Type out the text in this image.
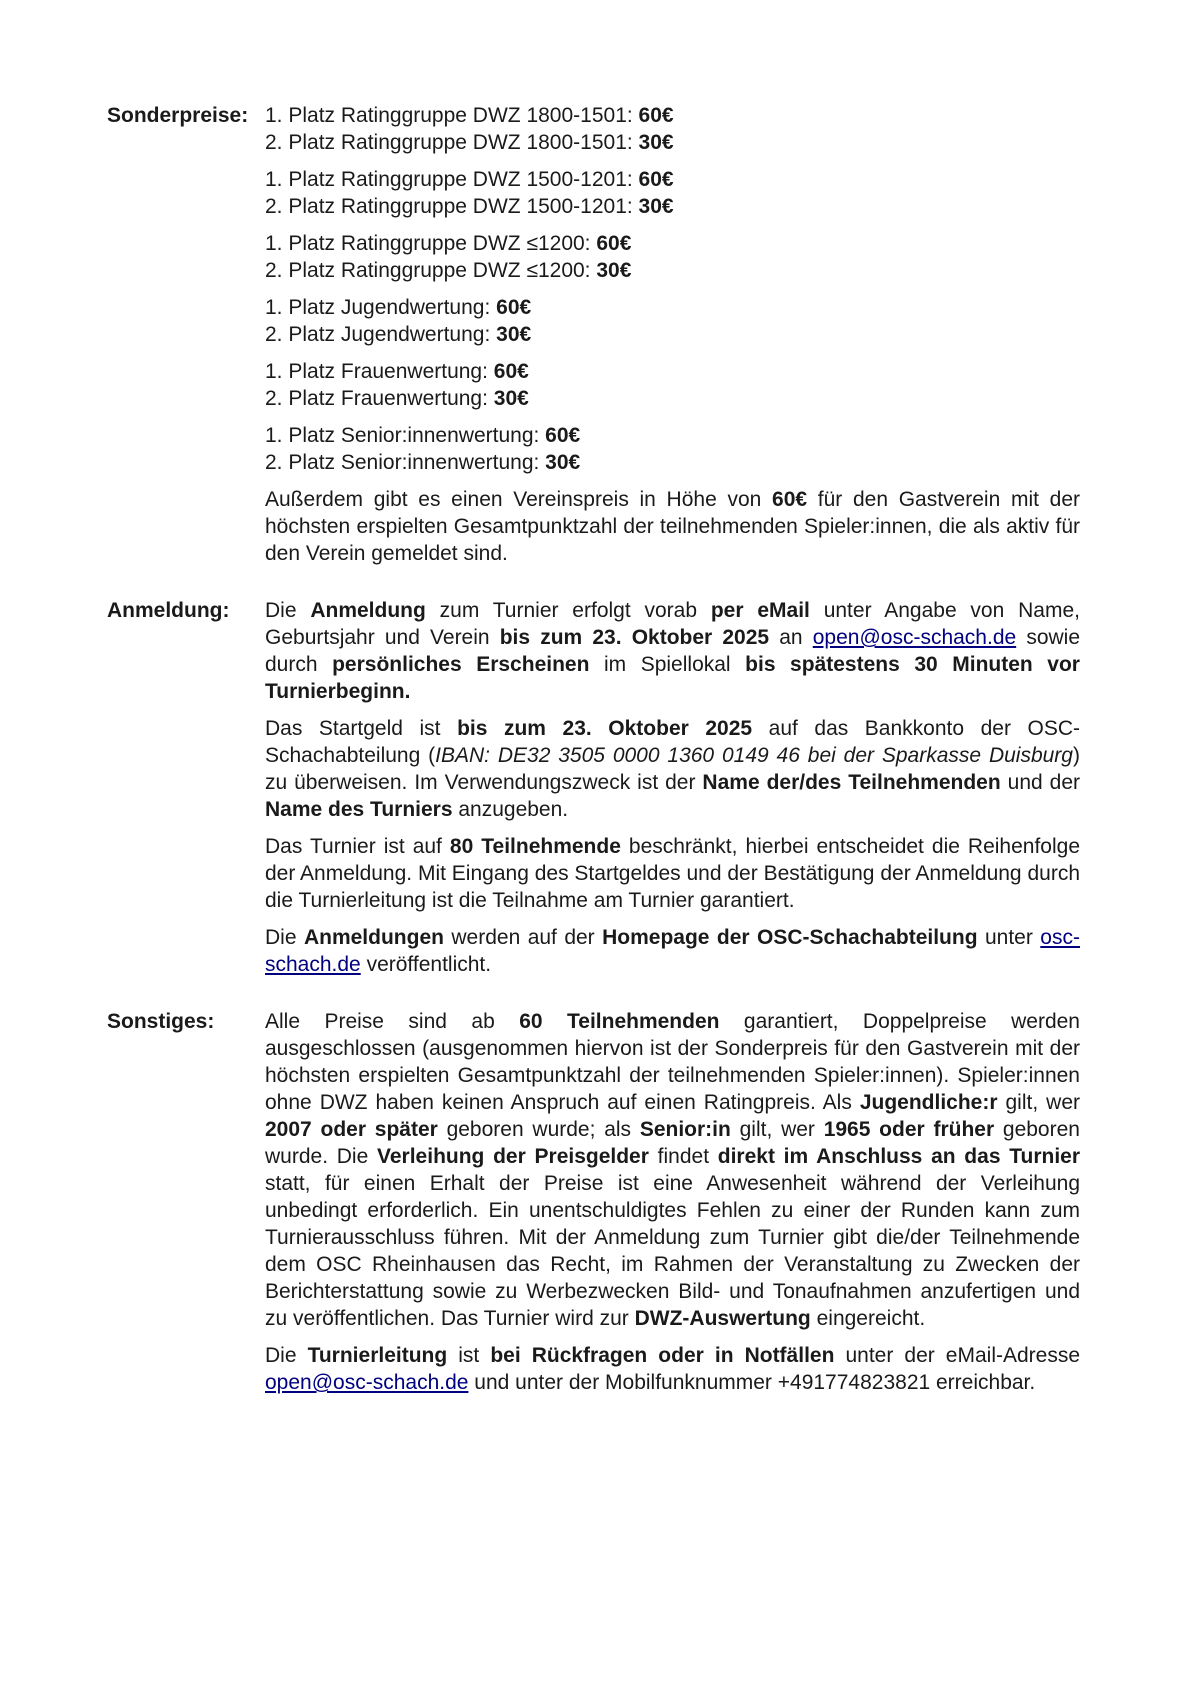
Sonderpreise: 1. Platz Ratinggruppe DWZ 1800-1501: 60€
2. Platz Ratinggruppe DWZ 1800-1501: 30€

1. Platz Ratinggruppe DWZ 1500-1201: 60€
2. Platz Ratinggruppe DWZ 1500-1201: 30€

1. Platz Ratinggruppe DWZ ≤1200: 60€
2. Platz Ratinggruppe DWZ ≤1200: 30€

1. Platz Jugendwertung: 60€
2. Platz Jugendwertung: 30€

1. Platz Frauenwertung: 60€
2. Platz Frauenwertung: 30€

1. Platz Senior:innenwertung: 60€
2. Platz Senior:innenwertung: 30€

Außerdem gibt es einen Vereinspreis in Höhe von 60€ für den Gastverein mit der höchsten erspielten Gesamtpunktzahl der teilnehmenden Spieler:innen, die als aktiv für den Verein gemeldet sind.

Anmeldung:	Die Anmeldung zum Turnier erfolgt vorab per eMail unter Angabe von Name, Geburtsjahr und Verein bis zum 23. Oktober 2025 an open@osc-schach.de sowie durch persönliches Erscheinen im Spiellokal bis spätestens 30 Minuten vor Turnierbeginn.

Das Startgeld ist bis zum 23. Oktober 2025 auf das Bankkonto der OSC-Schachabteilung (IBAN: DE32 3505 0000 1360 0149 46 bei der Sparkasse Duisburg) zu überweisen. Im Verwendungszweck ist der Name der/des Teilnehmenden und der Name des Turniers anzugeben.

Das Turnier ist auf 80 Teilnehmende beschränkt, hierbei entscheidet die Reihenfolge der Anmeldung. Mit Eingang des Startgeldes und der Bestätigung der Anmeldung durch die Turnierleitung ist die Teilnahme am Turnier garantiert.

Die Anmeldungen werden auf der Homepage der OSC-Schachabteilung unter osc-schach.de veröffentlicht.

Sonstiges:	Alle Preise sind ab 60 Teilnehmenden garantiert, Doppelpreise werden ausgeschlossen (ausgenommen hiervon ist der Sonderpreis für den Gastverein mit der höchsten erspielten Gesamtpunktzahl der teilnehmenden Spieler:innen). Spieler:innen ohne DWZ haben keinen Anspruch auf einen Ratingpreis. Als Jugendliche:r gilt, wer 2007 oder später geboren wurde; als Senior:in gilt, wer 1965 oder früher geboren wurde. Die Verleihung der Preisgelder findet direkt im Anschluss an das Turnier statt, für einen Erhalt der Preise ist eine Anwesenheit während der Verleihung unbedingt erforderlich. Ein unentschuldigtes Fehlen zu einer der Runden kann zum Turnierausschluss führen. Mit der Anmeldung zum Turnier gibt die/der Teilnehmende dem OSC Rheinhausen das Recht, im Rahmen der Veranstaltung zu Zwecken der Berichterstattung sowie zu Werbezwecken Bild- und Tonaufnahmen anzufertigen und zu veröffentlichen. Das Turnier wird zur DWZ-Auswertung eingereicht.

Die Turnierleitung ist bei Rückfragen oder in Notfällen unter der eMail-Adresse open@osc-schach.de und unter der Mobilfunknummer +491774823821 erreichbar.
